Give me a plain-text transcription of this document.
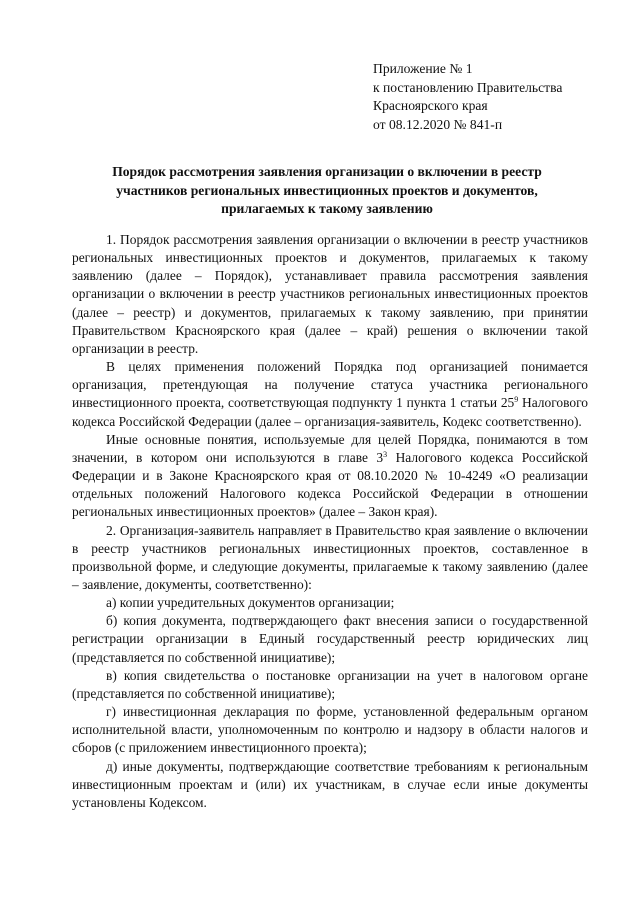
Приложение № 1
к постановлению Правительства
Красноярского края
от 08.12.2020 № 841-п
Порядок рассмотрения заявления организации о включении в реестр
участников региональных инвестиционных проектов и документов,
прилагаемых к такому заявлению

1. Порядок рассмотрения заявления организации о включении в реестр участников региональных инвестиционных проектов и документов, прилагаемых к такому заявлению (далее – Порядок), устанавливает правила рассмотрения заявления организации о включении в реестр участников региональных инвестиционных проектов (далее – реестр) и документов, прилагаемых к такому заявлению, при принятии Правительством Красноярского края (далее – край) решения о включении такой организации в реестр.

В целях применения положений Порядка под организацией понимается организация, претендующая на получение статуса участника регионального инвестиционного проекта, соответствующая подпункту 1 пункта 1 статьи $25^9$ Налогового кодекса Российской Федерации (далее – организация-заявитель, Кодекс соответственно).

Иные основные понятия, используемые для целей Порядка, понимаются в том значении, в котором они используются в главе $3^3$ Налогового кодекса Российской Федерации и в Законе Красноярского края от 08.10.2020 № 10-4249 «О реализации отдельных положений Налогового кодекса Российской Федерации в отношении региональных инвестиционных проектов» (далее – Закон края).

2. Организация-заявитель направляет в Правительство края заявление о включении в реестр участников региональных инвестиционных проектов, составленное в произвольной форме, и следующие документы, прилагаемые к такому заявлению (далее – заявление, документы, соответственно):

а) копии учредительных документов организации;

б) копия документа, подтверждающего факт внесения записи о государственной регистрации организации в Единый государственный реестр юридических лиц (представляется по собственной инициативе);

в) копия свидетельства о постановке организации на учет в налоговом органе (представляется по собственной инициативе);

г) инвестиционная декларация по форме, установленной федеральным органом исполнительной власти, уполномоченным по контролю и надзору в области налогов и сборов (с приложением инвестиционного проекта);

д) иные документы, подтверждающие соответствие требованиям к региональным инвестиционным проектам и (или) их участникам, в случае если иные документы установлены Кодексом.
